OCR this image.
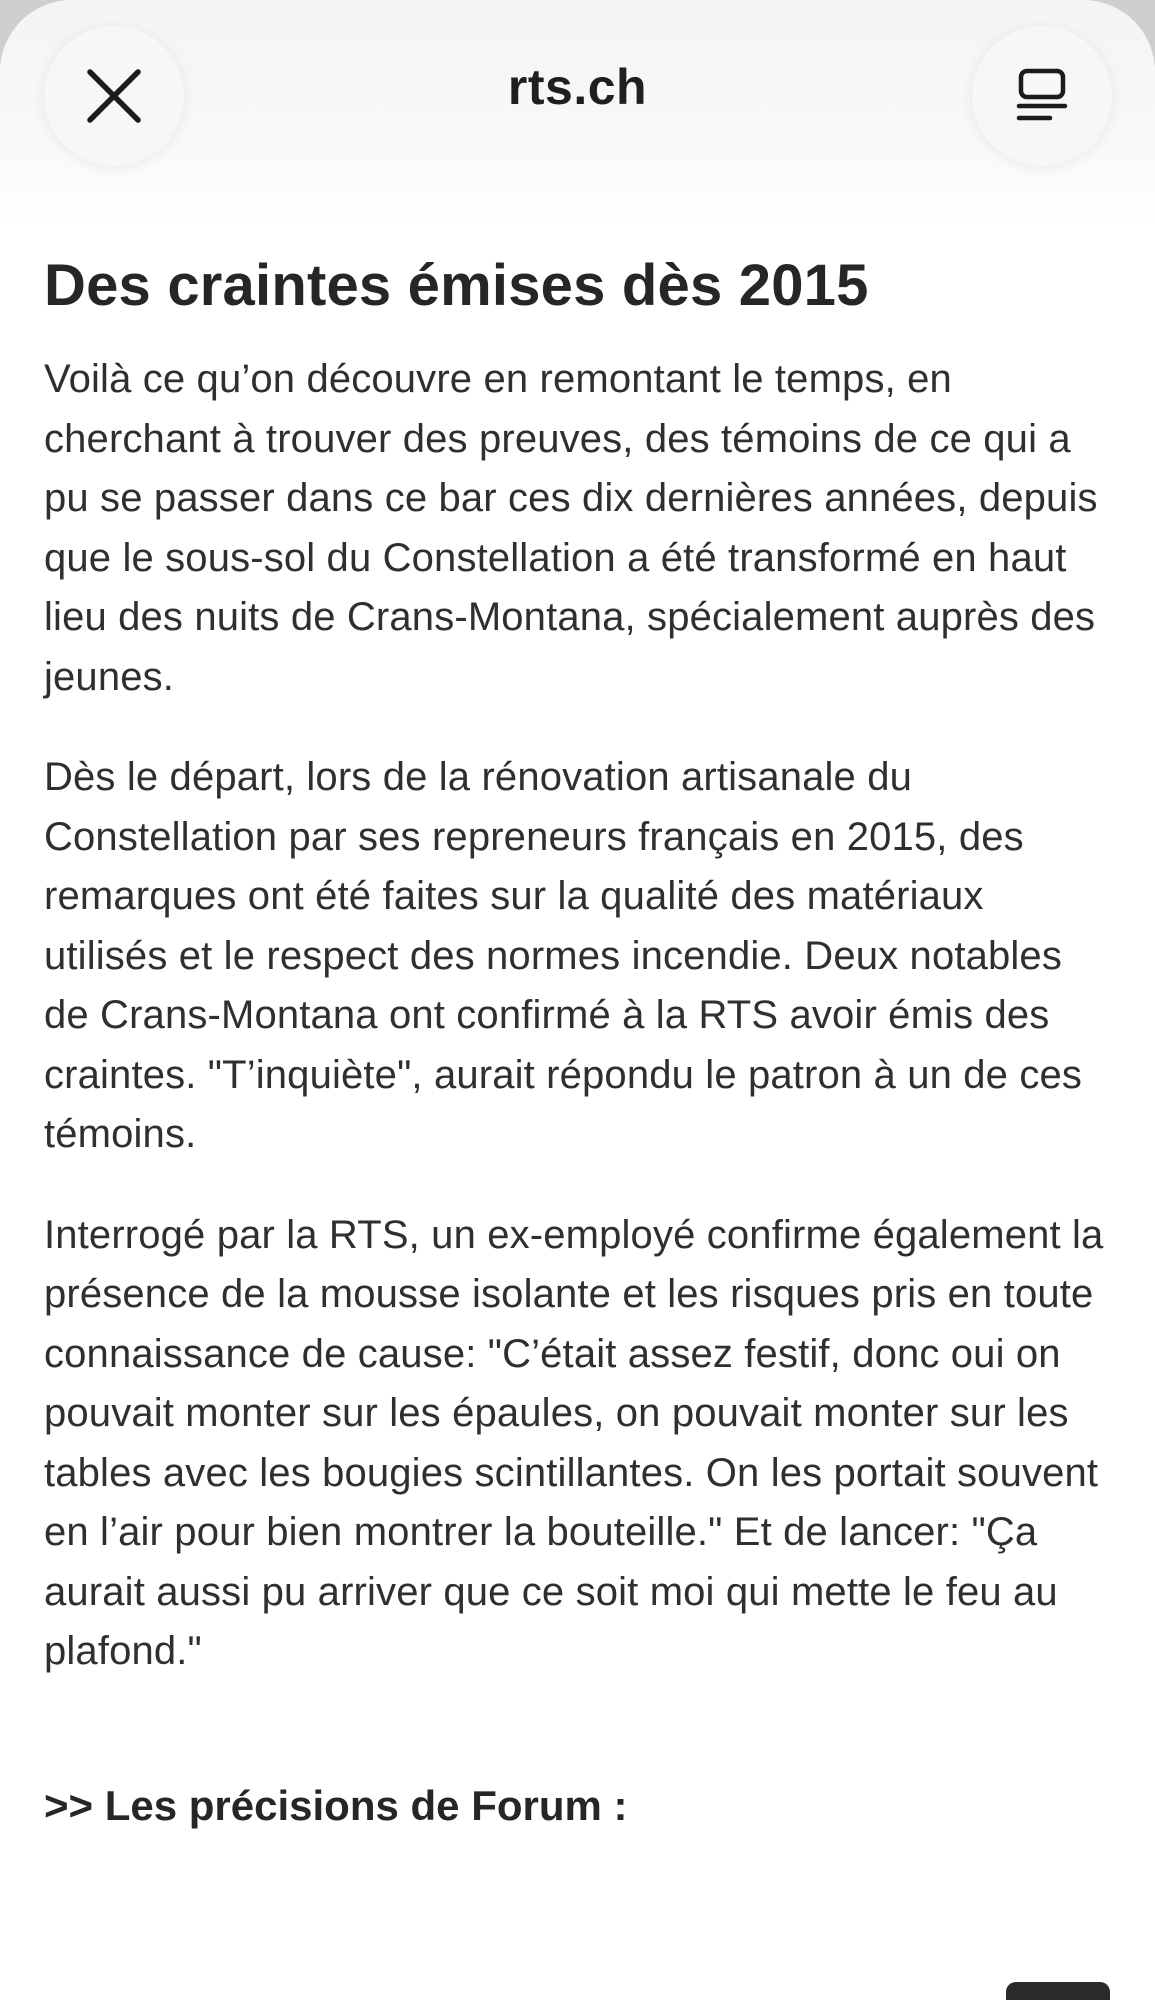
rts.ch
Des craintes émises dès 2015

Voilà ce qu’on découvre en remontant le temps, en cherchant à trouver des preuves, des témoins de ce qui a pu se passer dans ce bar ces dix dernières années, depuis que le sous-sol du Constellation a été transformé en haut lieu des nuits de Crans-Montana, spécialement auprès des jeunes.

Dès le départ, lors de la rénovation artisanale du Constellation par ses repreneurs français en 2015, des remarques ont été faites sur la qualité des matériaux utilisés et le respect des normes incendie. Deux notables de Crans-Montana ont confirmé à la RTS avoir émis des craintes. "T’inquiète", aurait répondu le patron à un de ces témoins.

Interrogé par la RTS, un ex-employé confirme également la présence de la mousse isolante et les risques pris en toute connaissance de cause: "C’était assez festif, donc oui on pouvait monter sur les épaules, on pouvait monter sur les tables avec les bougies scintillantes. On les portait souvent en l’air pour bien montrer la bouteille." Et de lancer: "Ça aurait aussi pu arriver que ce soit moi qui mette le feu au plafond."

>> Les précisions de Forum :
